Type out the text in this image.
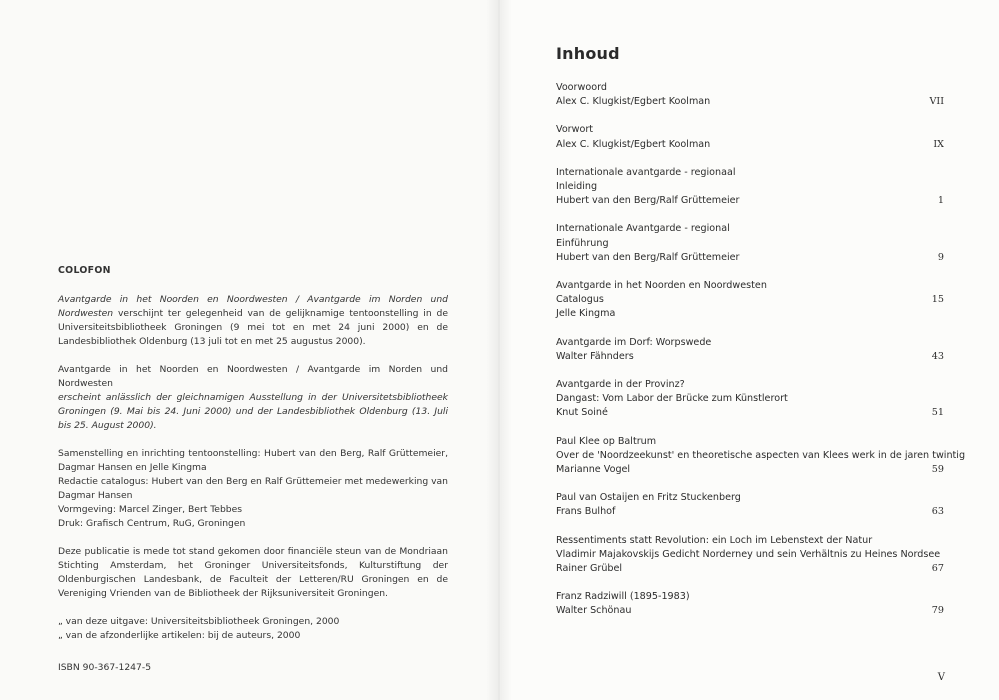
COLOFON

Avantgarde in het Noorden en Noordwesten / Avantgarde im Norden und Nordwesten verschijnt ter gelegenheid van de gelijknamige tentoonstelling in de Universiteitsbibliotheek Groningen (9 mei tot en met 24 juni 2000) en de Landesbibliothek Oldenburg (13 juli tot en met 25 augustus 2000).

Avantgarde in het Noorden en Noordwesten / Avantgarde im Norden und Nordwesten
erscheint anlässlich der gleichnamigen Ausstellung in der Universitetsbibliotheek Groningen (9. Mai bis 24. Juni 2000) und der Landesbibliothek Oldenburg (13. Juli bis 25. August 2000).

Samenstelling en inrichting tentoonstelling: Hubert van den Berg, Ralf Grüttemeier, Dagmar Hansen en Jelle Kingma

Redactie catalogus: Hubert van den Berg en Ralf Grüttemeier met medewerking van Dagmar Hansen

Vormgeving: Marcel Zinger, Bert Tebbes

Druk: Grafisch Centrum, RuG, Groningen

Deze publicatie is mede tot stand gekomen door financiële steun van de Mondriaan Stichting Amsterdam, het Groninger Universiteitsfonds, Kulturstiftung der Oldenburgischen Landesbank, de Faculteit der Letteren/RU Groningen en de Vereniging Vrienden van de Bibliotheek der Rijksuniversiteit Groningen.

„ van deze uitgave: Universiteitsbibliotheek Groningen, 2000

„ van de afzonderlijke artikelen: bij de auteurs, 2000

ISBN 90-367-1247-5

Inhoud
Voorwoord
Alex C. Klugkist/Egbert Koolman	VII
Vorwort
Alex C. Klugkist/Egbert Koolman	IX
Internationale avantgarde - regionaal
Inleiding
Hubert van den Berg/Ralf Grüttemeier	1
Internationale Avantgarde - regional
Einführung
Hubert van den Berg/Ralf Grüttemeier	9
Avantgarde in het Noorden en Noordwesten
Catalogus	15
Jelle Kingma
Avantgarde im Dorf: Worpswede
Walter Fähnders	43
Avantgarde in der Provinz?
Dangast: Vom Labor der Brücke zum Künstlerort
Knut Soiné	51
Paul Klee op Baltrum
Over de 'Noordzeekunst' en theoretische aspecten van Klees werk in de jaren twintig
Marianne Vogel	59
Paul van Ostaijen en Fritz Stuckenberg
Frans Bulhof	63
Ressentiments statt Revolution: ein Loch im Lebenstext der Natur
Vladimir Majakovskijs Gedicht Norderney und sein Verhältnis zu Heines Nordsee
Rainer Grübel	67
Franz Radziwill (1895-1983)
Walter Schönau	79
V
